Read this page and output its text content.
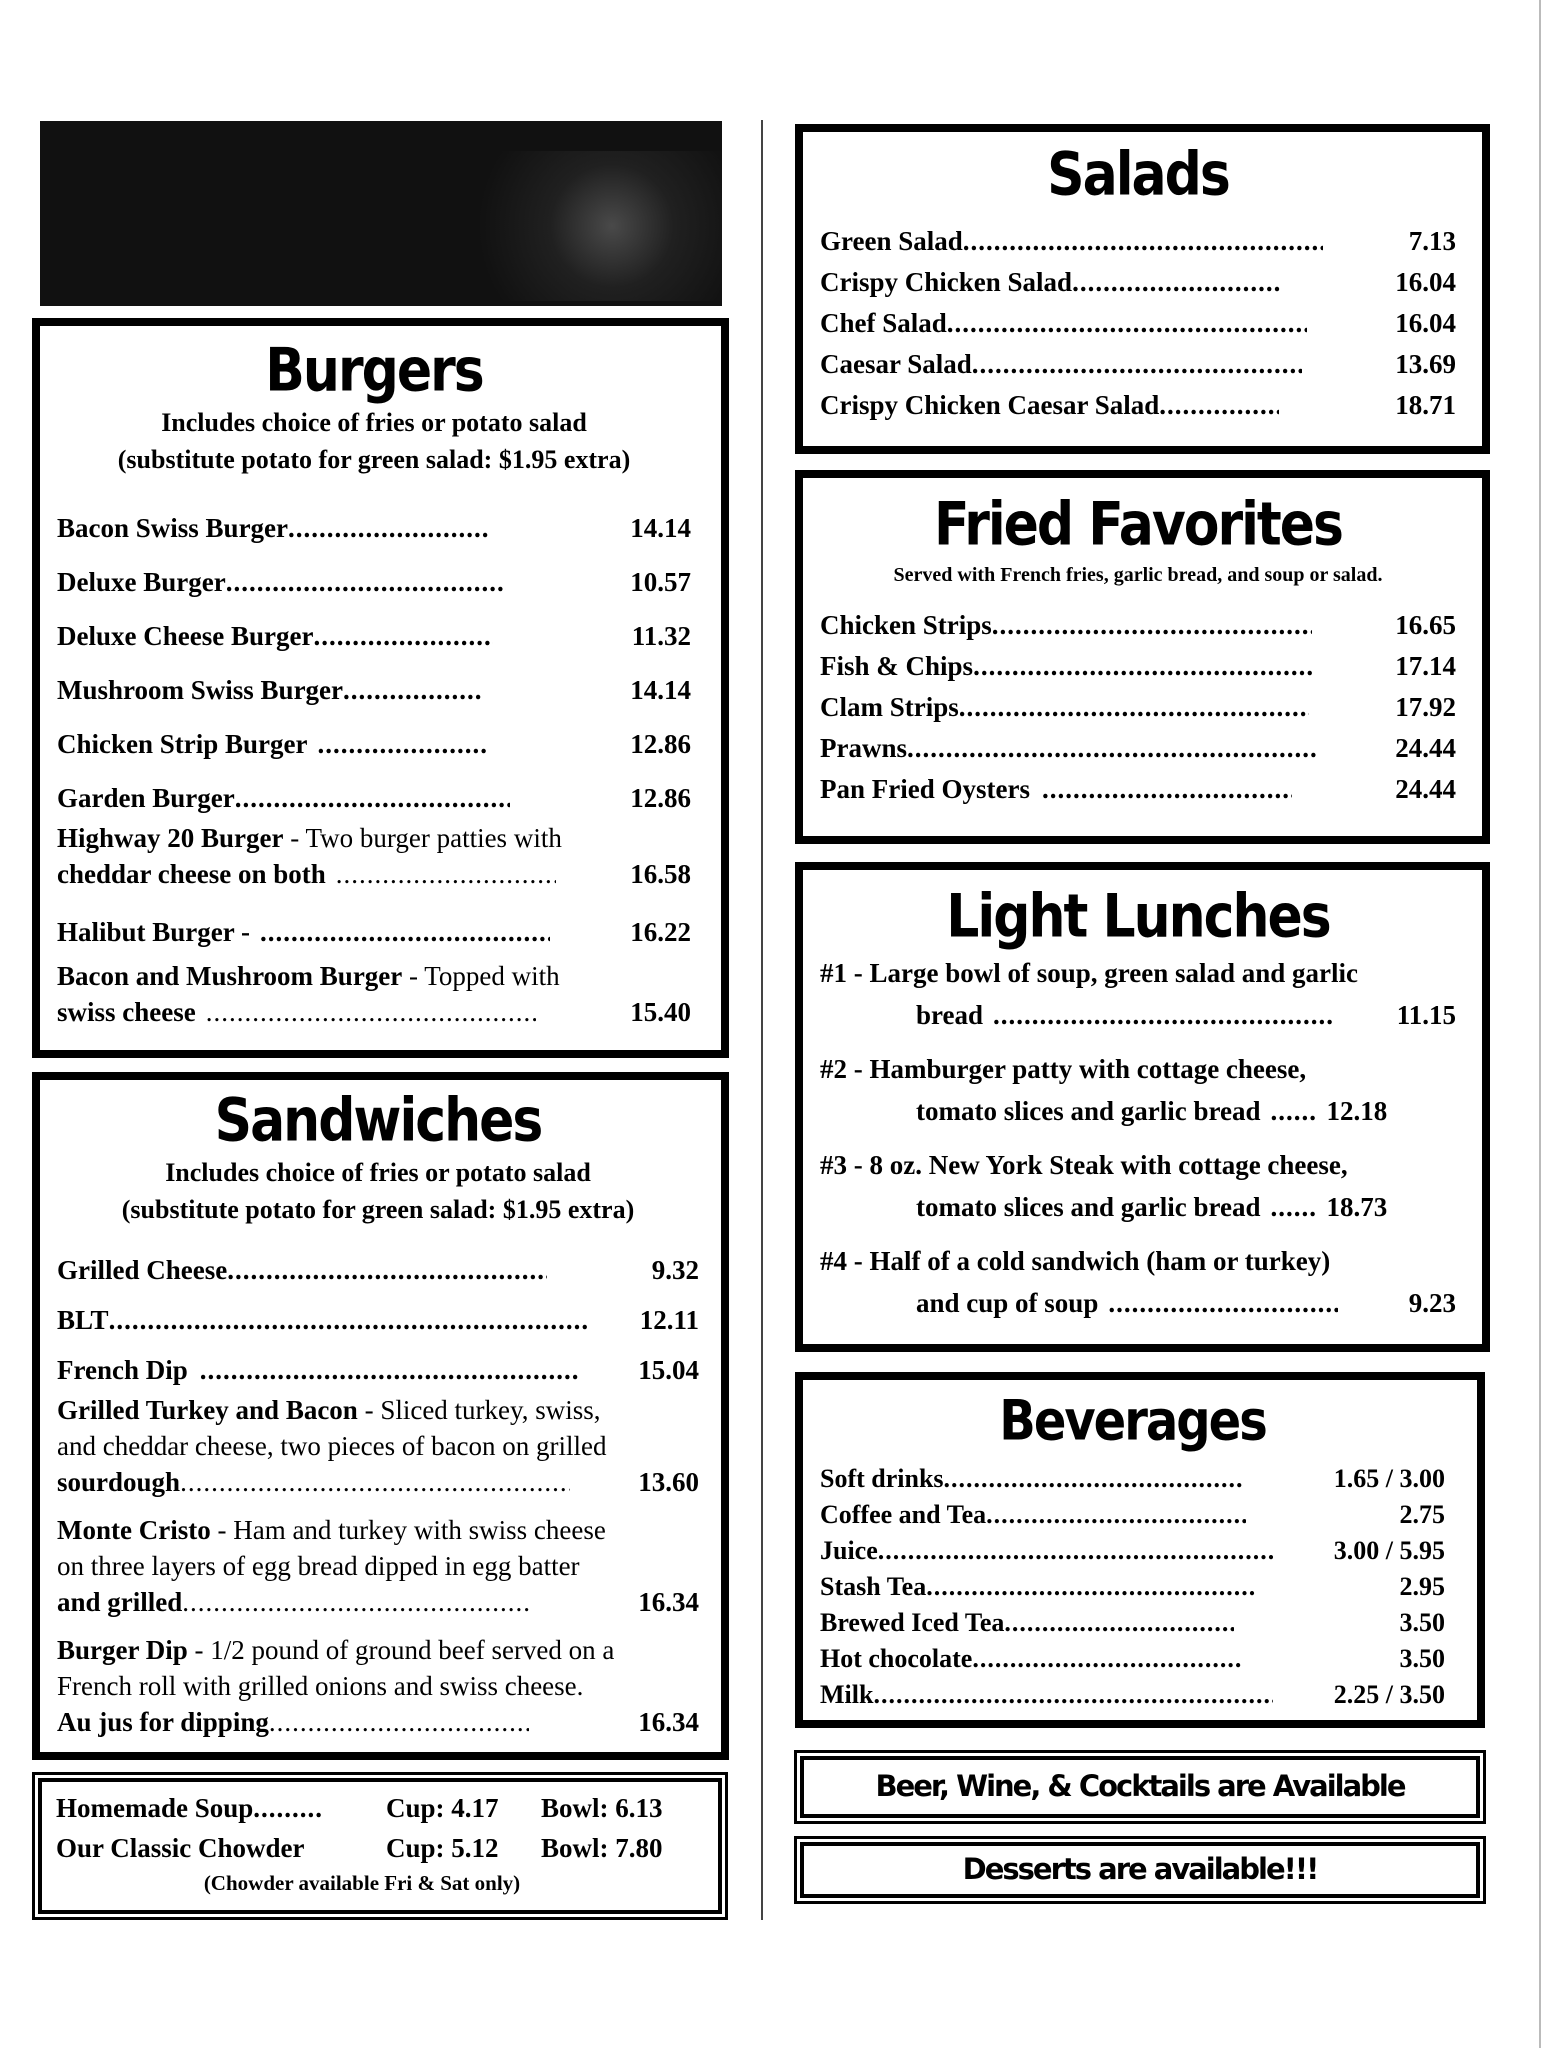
Burgers
Includes choice of fries or potato salad
(substitute potato for green salad: $1.95 extra)
Bacon Swiss Burger .....	14.14
Deluxe Burger .....	10.57
Deluxe Cheese Burger .....	11.32
Mushroom Swiss Burger .....	14.14
Chicken Strip Burger .....	12.86
Garden Burger .....	12.86
Highway 20 Burger - Two burger patties with
cheddar cheese on both .....	16.58
Halibut Burger - .....	16.22
Bacon and Mushroom Burger - Topped with
swiss cheese .....	15.40
Sandwiches
Includes choice of fries or potato salad
(substitute potato for green salad: $1.95 extra)
Grilled Cheese .....	9.32
BLT .....	12.11
French Dip .....	15.04
Grilled Turkey and Bacon - Sliced turkey, swiss,
and cheddar cheese, two pieces of bacon on grilled
sourdough .....	13.60
Monte Cristo - Ham and turkey with swiss cheese
on three layers of egg bread dipped in egg batter
and grilled .....	16.34
Burger Dip - 1/2 pound of ground beef served on a
French roll with grilled onions and swiss cheese.
Au jus for dipping .....	16.34
Homemade Soup.........	Cup: 4.17	Bowl: 6.13
Our Classic Chowder	Cup: 5.12	Bowl: 7.80
(Chowder available Fri & Sat only)
Salads
Green Salad .....	7.13
Crispy Chicken Salad .....	16.04
Chef Salad .....	16.04
Caesar Salad .....	13.69
Crispy Chicken Caesar Salad .....	18.71
Fried Favorites
Served with French fries, garlic bread, and soup or salad.
Chicken Strips .....	16.65
Fish & Chips .....	17.14
Clam Strips .....	17.92
Prawns .....	24.44
Pan Fried Oysters .....	24.44
Light Lunches
#1 - Large bowl of soup, green salad and garlic
bread .....	11.15
#2 - Hamburger patty with cottage cheese,
tomato slices and garlic bread ..... 12.18
#3 - 8 oz. New York Steak with cottage cheese,
tomato slices and garlic bread ..... 18.73
#4 - Half of a cold sandwich (ham or turkey)
and cup of soup .....	9.23
Beverages
Soft drinks .....	1.65 / 3.00
Coffee and Tea .....	2.75
Juice .....	3.00 / 5.95
Stash Tea .....	2.95
Brewed Iced Tea .....	3.50
Hot chocolate .....	3.50
Milk .....	2.25 / 3.50
Beer, Wine, & Cocktails are Available
Desserts are available!!!
